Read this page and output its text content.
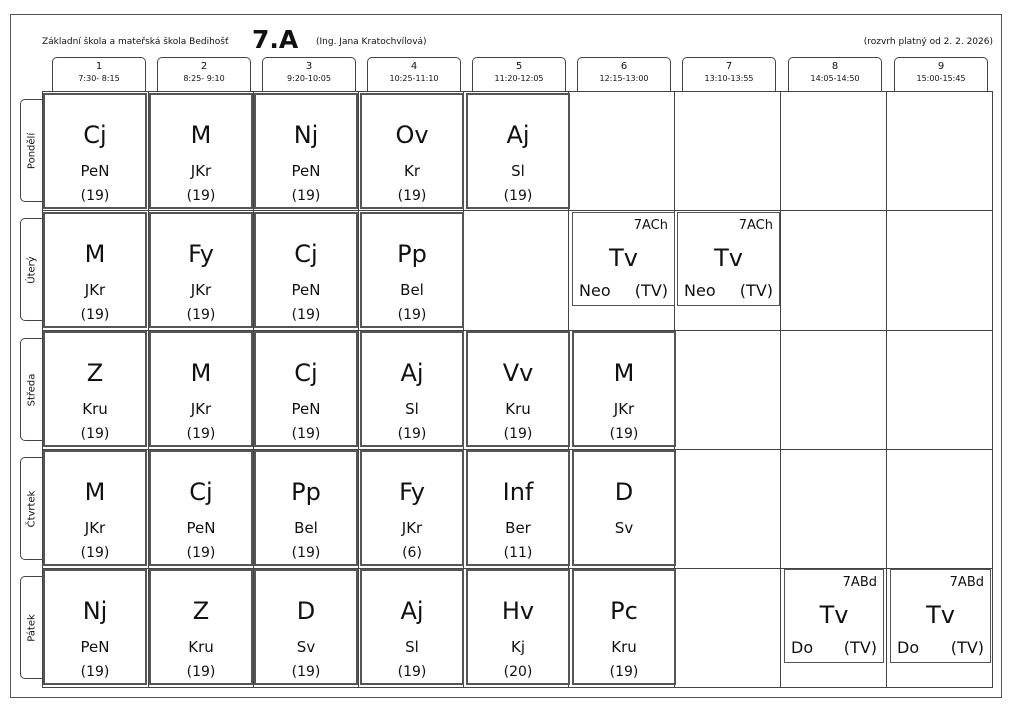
Základní škola a mateřská škola Bedihošť 7.A (Ing. Jana Kratochvílová)	(rozvrh platný od 2. 2. 2026)
1
7:30- 8:15
2
8:25- 9:10
3
9:20-10:05
4
10:25-11:10
5
11:20-12:05
6
12:15-13:00
7
13:10-13:55
8
14:05-14:50
9
15:00-15:45
Pondělí
Úterý
Středa
Čtvrtek
Pátek
Cj
PeN
(19)
M
JKr
(19)
Nj
PeN
(19)
Ov
Kr
(19)
Aj
Sl
(19)
M
JKr
(19)
Fy
JKr
(19)
Cj
PeN
(19)
Pp
Bel
(19)
7ACh
Tv
Neo (TV)
7ACh
Tv
Neo (TV)
Z
Kru
(19)
M
JKr
(19)
Cj
PeN
(19)
Aj
Sl
(19)
Vv
Kru
(19)
M
JKr
(19)
M
JKr
(19)
Cj
PeN
(19)
Pp
Bel
(19)
Fy
JKr
(6)
Inf
Ber
(11)
D
Sv
Nj
PeN
(19)
Z
Kru
(19)
D
Sv
(19)
Aj
Sl
(19)
Hv
Kj
(20)
Pc
Kru
(19)
7ABd
Tv
Do (TV)
7ABd
Tv
Do (TV)
